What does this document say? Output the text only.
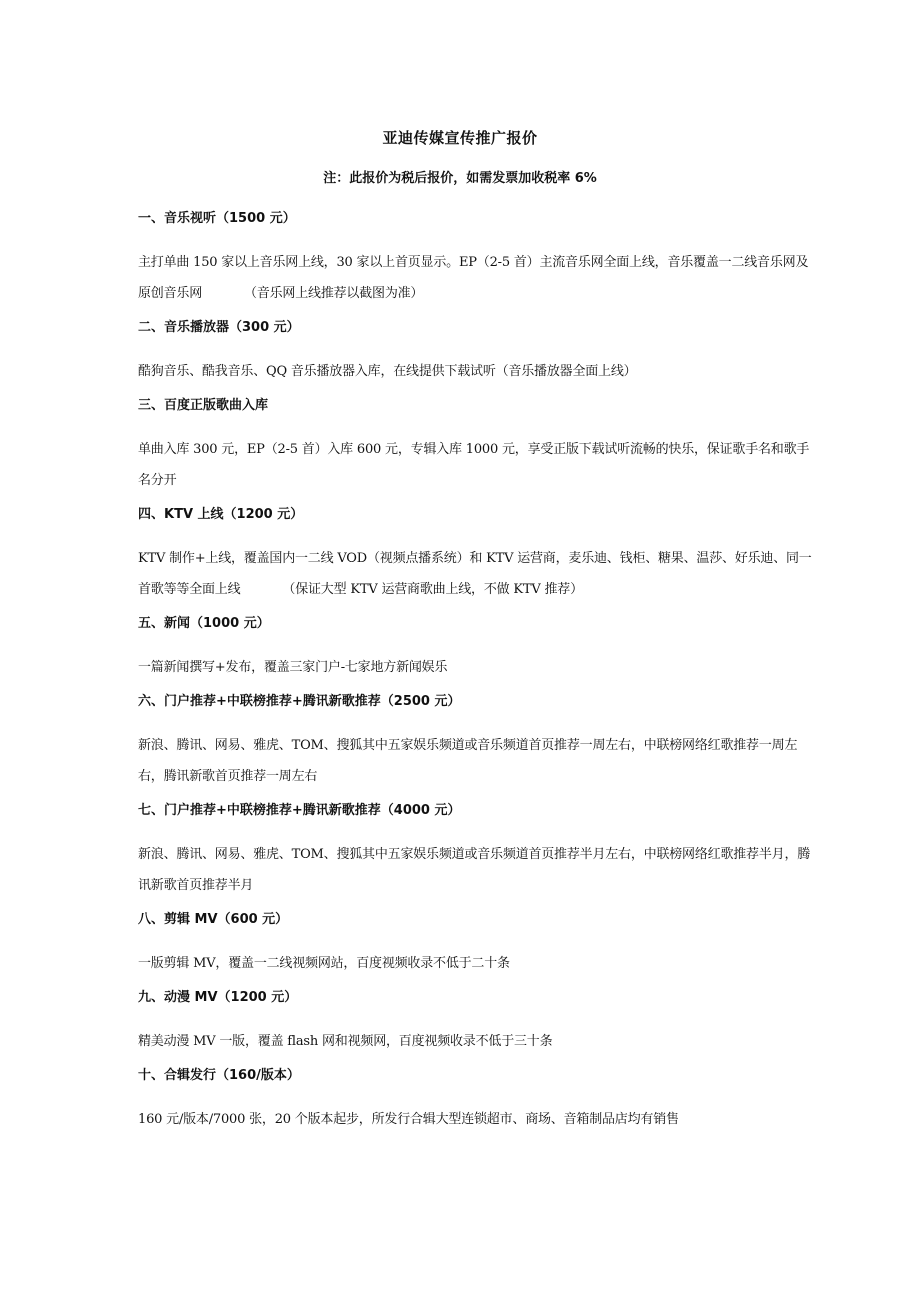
亚迪传媒宣传推广报价
注：此报价为税后报价，如需发票加收税率 6%
一、音乐视听（1500 元）
主打单曲 150 家以上音乐网上线，30 家以上首页显示。EP（2-5 首）主流音乐网全面上线，音乐覆盖一二线音乐网及原创音乐网	（音乐网上线推荐以截图为准）
二、音乐播放器（300 元）
酷狗音乐、酷我音乐、QQ 音乐播放器入库，在线提供下载试听（音乐播放器全面上线）
三、百度正版歌曲入库
单曲入库 300 元，EP（2-5 首）入库 600 元，专辑入库 1000 元，享受正版下载试听流畅的快乐，保证歌手名和歌手名分开
四、KTV 上线（1200 元）
KTV 制作+上线，覆盖国内一二线 VOD（视频点播系统）和 KTV 运营商，麦乐迪、钱柜、糖果、温莎、好乐迪、同一首歌等等全面上线	（保证大型 KTV 运营商歌曲上线，不做 KTV 推荐）
五、新闻（1000 元）
一篇新闻撰写+发布，覆盖三家门户-七家地方新闻娱乐
六、门户推荐+中联榜推荐+腾讯新歌推荐（2500 元）
新浪、腾讯、网易、雅虎、TOM、搜狐其中五家娱乐频道或音乐频道首页推荐一周左右，中联榜网络红歌推荐一周左右，腾讯新歌首页推荐一周左右
七、门户推荐+中联榜推荐+腾讯新歌推荐（4000 元）
新浪、腾讯、网易、雅虎、TOM、搜狐其中五家娱乐频道或音乐频道首页推荐半月左右，中联榜网络红歌推荐半月，腾讯新歌首页推荐半月
八、剪辑 MV（600 元）
一版剪辑 MV，覆盖一二线视频网站，百度视频收录不低于二十条
九、动漫 MV（1200 元）
精美动漫 MV 一版，覆盖 flash 网和视频网，百度视频收录不低于三十条
十、合辑发行（160/版本）
160 元/版本/7000 张，20 个版本起步，所发行合辑大型连锁超市、商场、音箱制品店均有销售
